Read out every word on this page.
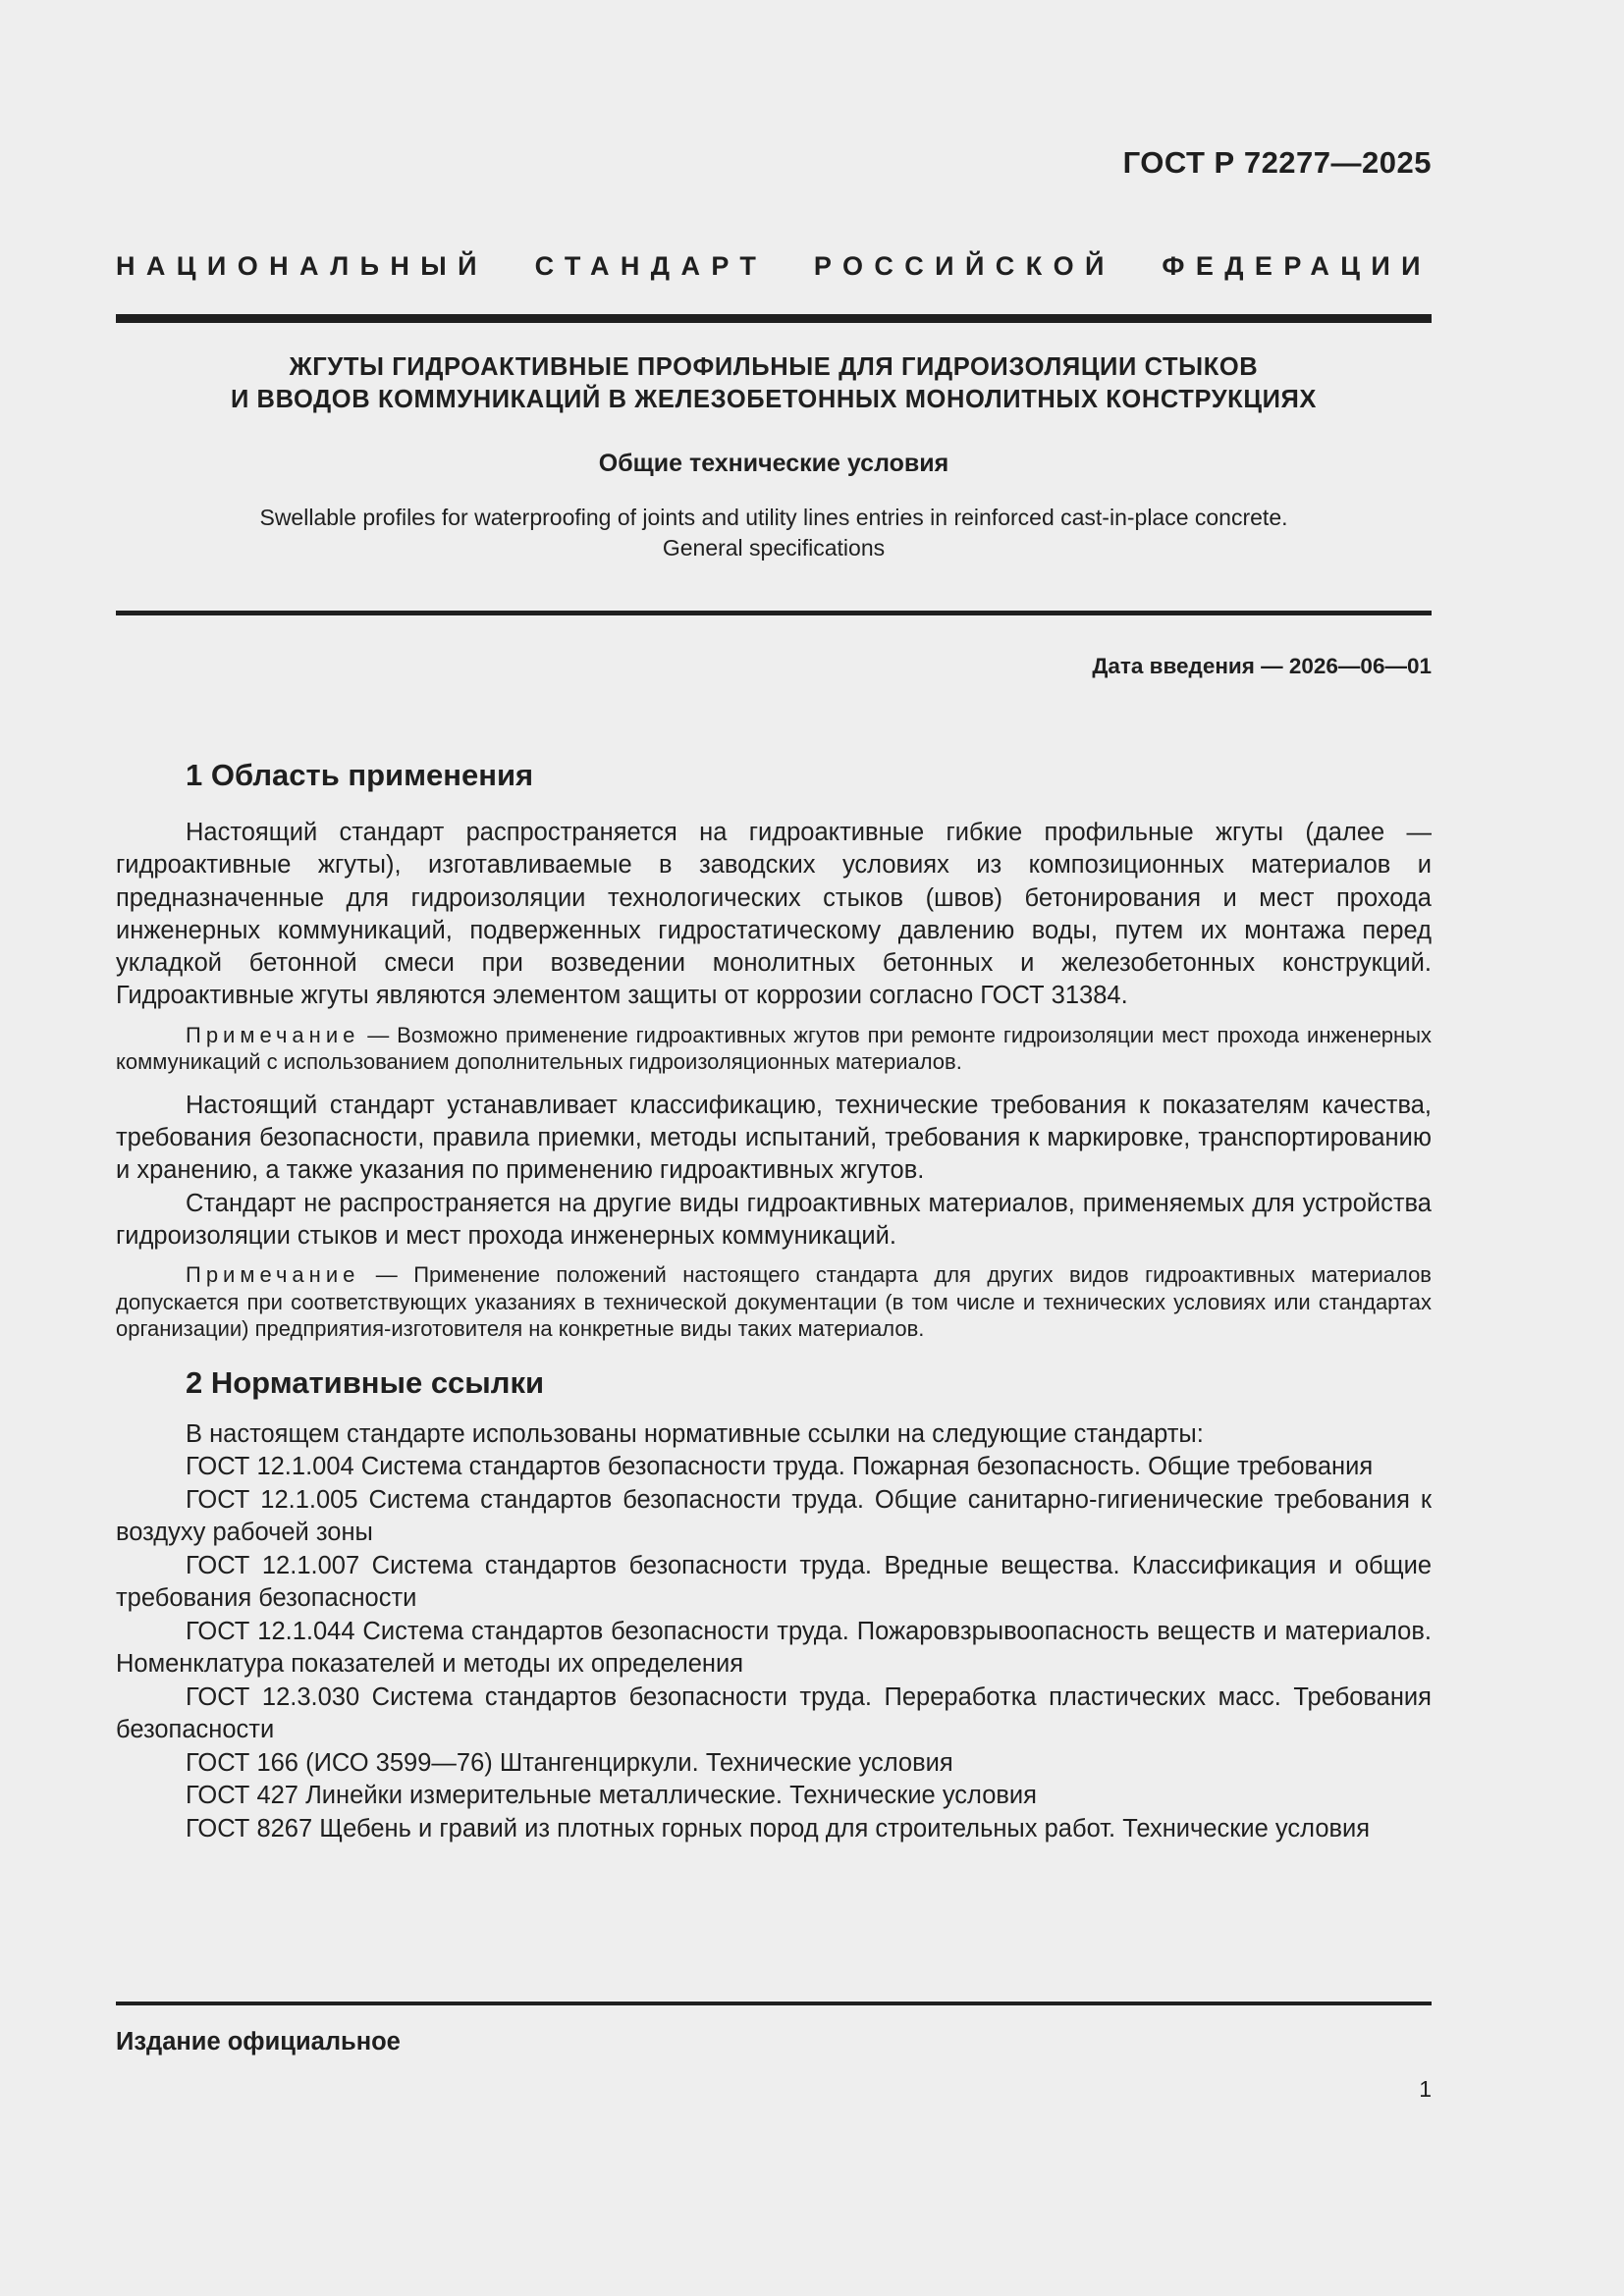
ГОСТ Р 72277—2025
НАЦИОНАЛЬНЫЙ СТАНДАРТ РОССИЙСКОЙ ФЕДЕРАЦИИ
ЖГУТЫ ГИДРОАКТИВНЫЕ ПРОФИЛЬНЫЕ ДЛЯ ГИДРОИЗОЛЯЦИИ СТЫКОВ
И ВВОДОВ КОММУНИКАЦИЙ В ЖЕЛЕЗОБЕТОННЫХ МОНОЛИТНЫХ КОНСТРУКЦИЯХ
Общие технические условия
Swellable profiles for waterproofing of joints and utility lines entries in reinforced cast-in-place concrete.
General specifications
Дата введения — 2026—06—01
1 Область применения

Настоящий стандарт распространяется на гидроактивные гибкие профильные жгуты (далее — гидроактивные жгуты), изготавливаемые в заводских условиях из композиционных материалов и предназначенные для гидроизоляции технологических стыков (швов) бетонирования и мест прохода инженерных коммуникаций, подверженных гидростатическому давлению воды, путем их монтажа перед укладкой бетонной смеси при возведении монолитных бетонных и железобетонных конструкций. Гидроактивные жгуты являются элементом защиты от коррозии согласно ГОСТ 31384.

Примечание — Возможно применение гидроактивных жгутов при ремонте гидроизоляции мест прохода инженерных коммуникаций с использованием дополнительных гидроизоляционных материалов.

Настоящий стандарт устанавливает классификацию, технические требования к показателям качества, требования безопасности, правила приемки, методы испытаний, требования к маркировке, транспортированию и хранению, а также указания по применению гидроактивных жгутов.

Стандарт не распространяется на другие виды гидроактивных материалов, применяемых для устройства гидроизоляции стыков и мест прохода инженерных коммуникаций.

Примечание — Применение положений настоящего стандарта для других видов гидроактивных материалов допускается при соответствующих указаниях в технической документации (в том числе и технических условиях или стандартах организации) предприятия-изготовителя на конкретные виды таких материалов.

2 Нормативные ссылки

В настоящем стандарте использованы нормативные ссылки на следующие стандарты:

ГОСТ 12.1.004 Система стандартов безопасности труда. Пожарная безопасность. Общие требования

ГОСТ 12.1.005 Система стандартов безопасности труда. Общие санитарно-гигиенические требования к воздуху рабочей зоны

ГОСТ 12.1.007 Система стандартов безопасности труда. Вредные вещества. Классификация и общие требования безопасности

ГОСТ 12.1.044 Система стандартов безопасности труда. Пожаровзрывоопасность веществ и материалов. Номенклатура показателей и методы их определения

ГОСТ 12.3.030 Система стандартов безопасности труда. Переработка пластических масс. Требования безопасности

ГОСТ 166 (ИСО 3599—76) Штангенциркули. Технические условия

ГОСТ 427 Линейки измерительные металлические. Технические условия

ГОСТ 8267 Щебень и гравий из плотных горных пород для строительных работ. Технические условия

Издание официальное
1
